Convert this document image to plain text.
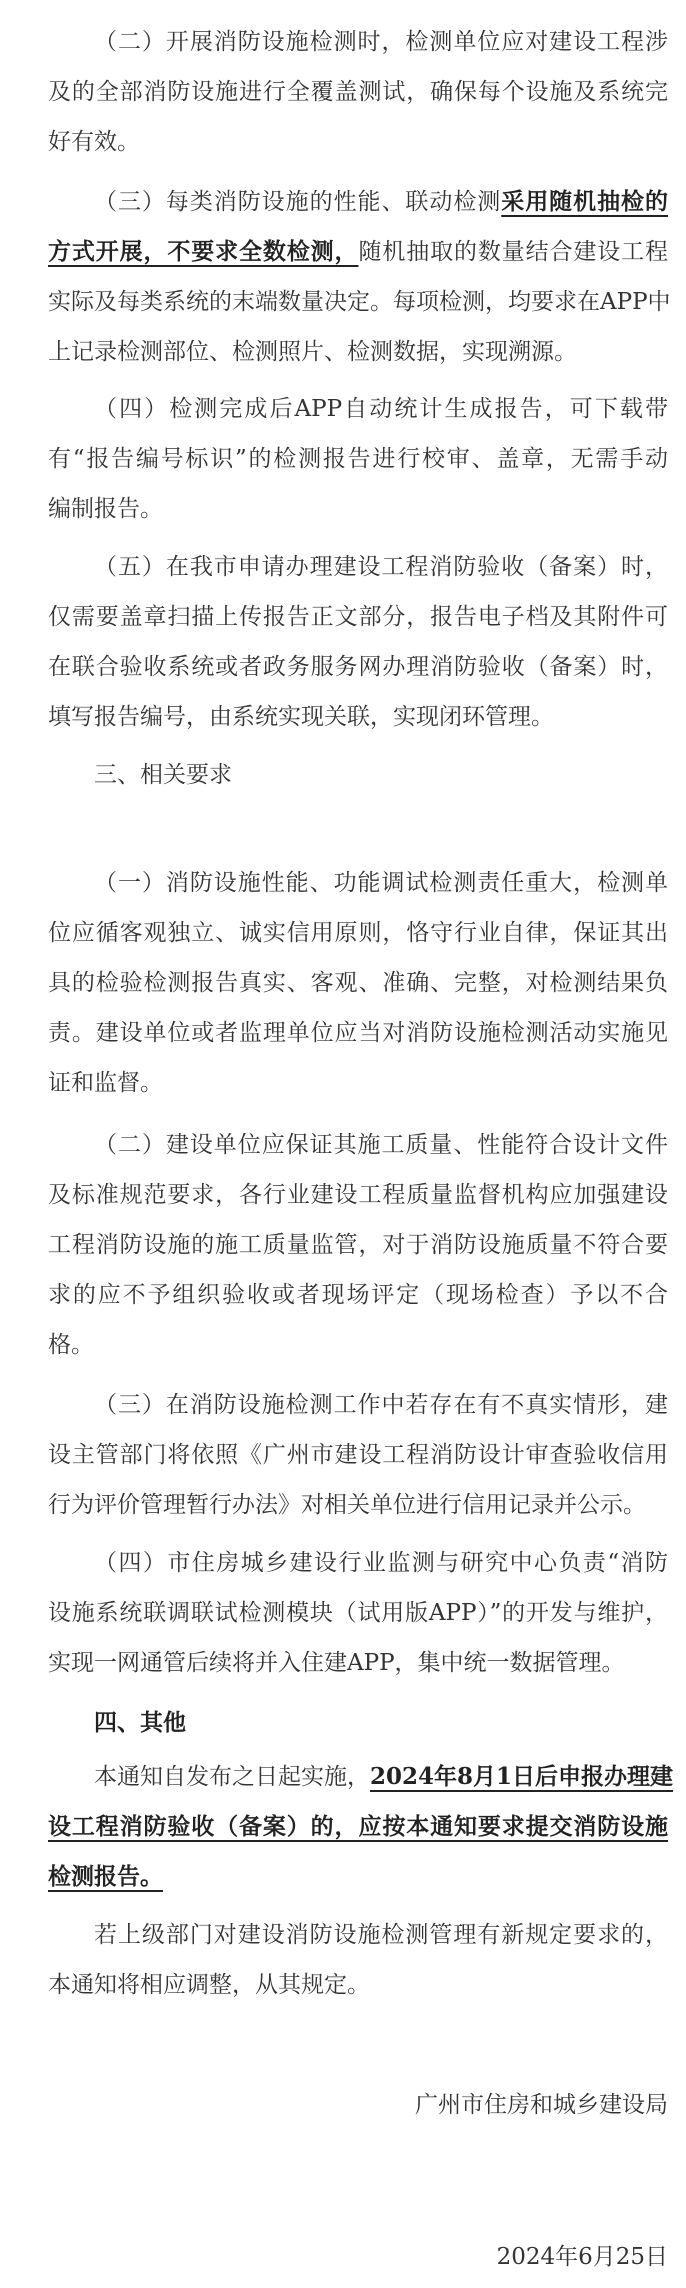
（二）开展消防设施检测时，检测单位应对建设工程涉
及的全部消防设施进行全覆盖测试，确保每个设施及系统完
好有效。
（三）每类消防设施的性能、联动检测采用随机抽检的
方式开展，不要求全数检测，随机抽取的数量结合建设工程
实际及每类系统的末端数量决定。每项检测，均要求在APP中
上记录检测部位、检测照片、检测数据，实现溯源。
（四）检测完成后APP自动统计生成报告，可下载带
有“报告编号标识”的检测报告进行校审、盖章，无需手动
编制报告。
（五）在我市申请办理建设工程消防验收（备案）时，
仅需要盖章扫描上传报告正文部分，报告电子档及其附件可
在联合验收系统或者政务服务网办理消防验收（备案）时，
填写报告编号，由系统实现关联，实现闭环管理。
三、相关要求
（一）消防设施性能、功能调试检测责任重大，检测单
位应循客观独立、诚实信用原则，恪守行业自律，保证其出
具的检验检测报告真实、客观、准确、完整，对检测结果负
责。建设单位或者监理单位应当对消防设施检测活动实施见
证和监督。
（二）建设单位应保证其施工质量、性能符合设计文件
及标准规范要求，各行业建设工程质量监督机构应加强建设
工程消防设施的施工质量监管，对于消防设施质量不符合要
求的应不予组织验收或者现场评定（现场检查）予以不合
格。
（三）在消防设施检测工作中若存在有不真实情形，建
设主管部门将依照《广州市建设工程消防设计审查验收信用
行为评价管理暂行办法》对相关单位进行信用记录并公示。
（四）市住房城乡建设行业监测与研究中心负责“消防
设施系统联调联试检测模块（试用版APP）”的开发与维护，
实现一网通管后续将并入住建APP，集中统一数据管理。
四、其他
本通知自发布之日起实施，2024年8月1日后申报办理建
设工程消防验收（备案）的，应按本通知要求提交消防设施
检测报告。
若上级部门对建设消防设施检测管理有新规定要求的，
本通知将相应调整，从其规定。
广州市住房和城乡建设局
2024年6月25日
